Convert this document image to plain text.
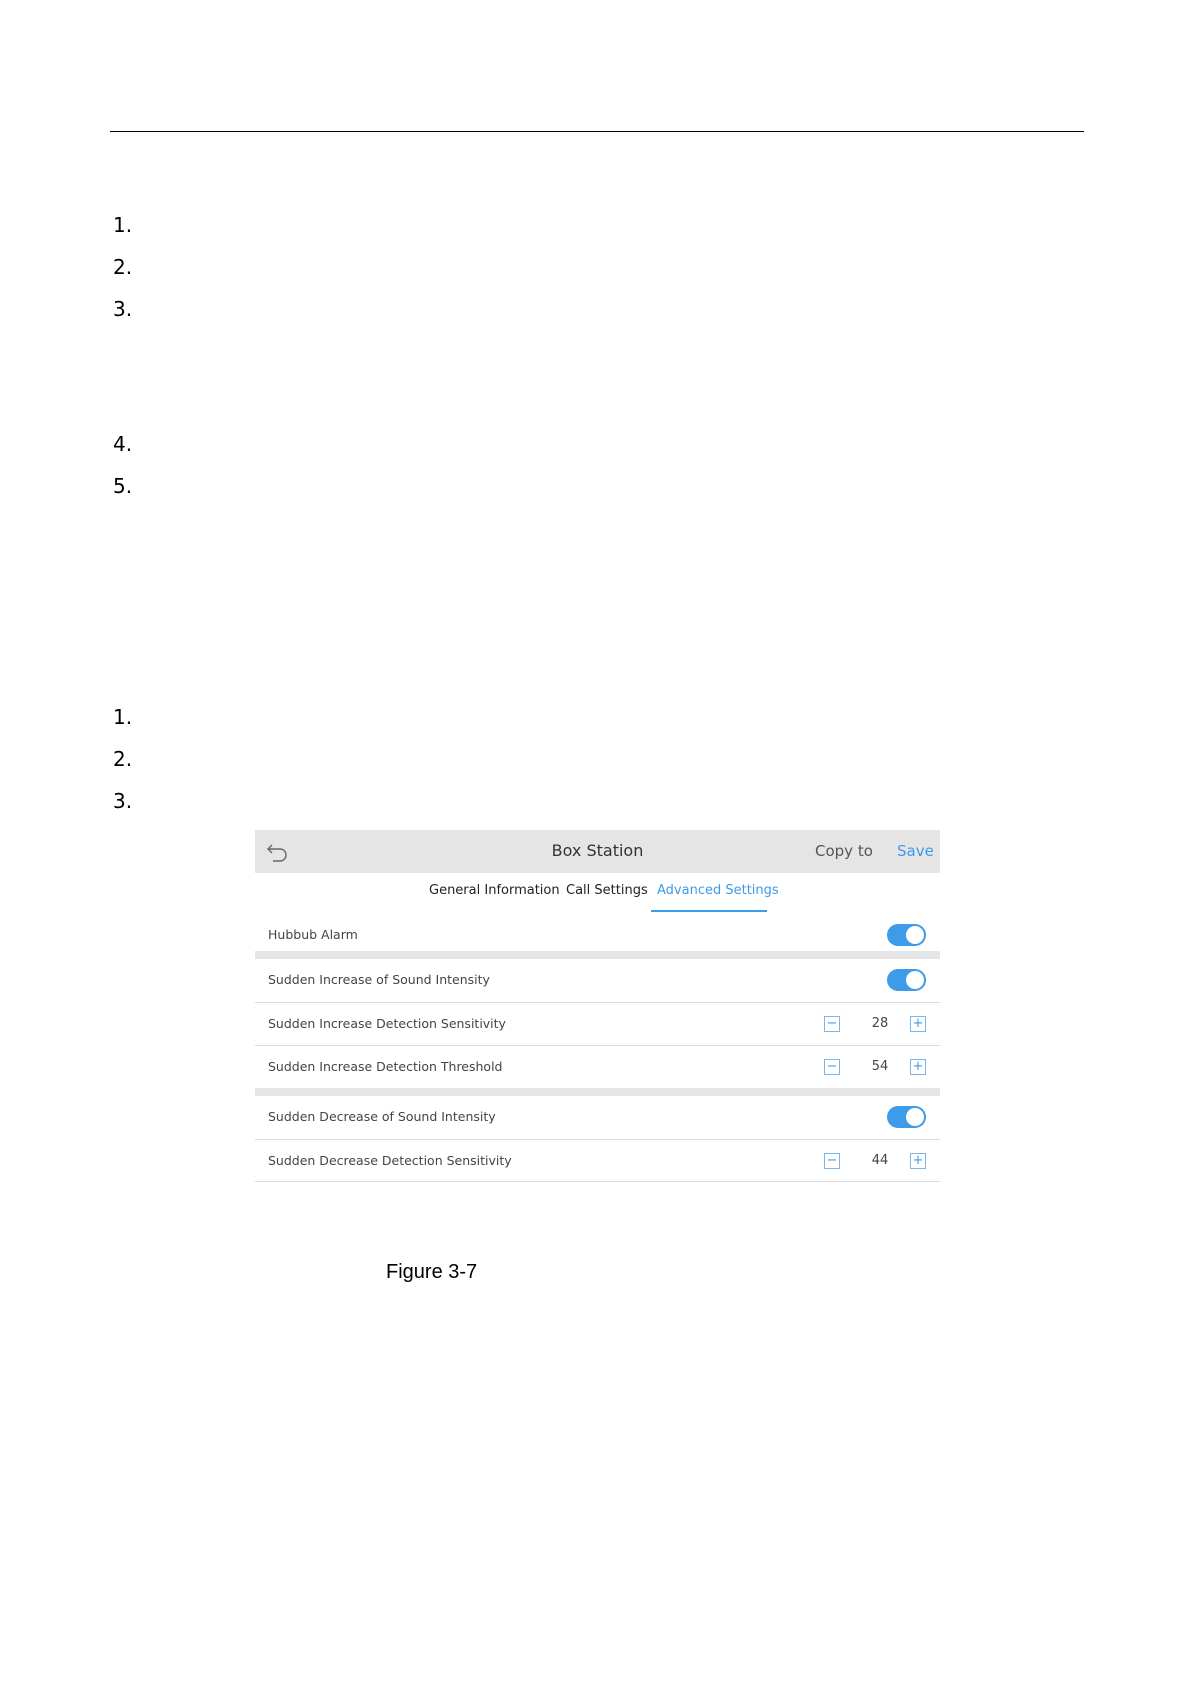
1.
2.
3.
4.
5.
1.
2.
3.
Box Station	Copy to Save
General Information Call Settings Advanced Settings
Hubbub Alarm
Sudden Increase of Sound Intensity
Sudden Increase Detection Sensitivity	−	28	+
Sudden Increase Detection Threshold	−	54	+
Sudden Decrease of Sound Intensity
Sudden Decrease Detection Sensitivity	−	44	+
Figure 3-7
